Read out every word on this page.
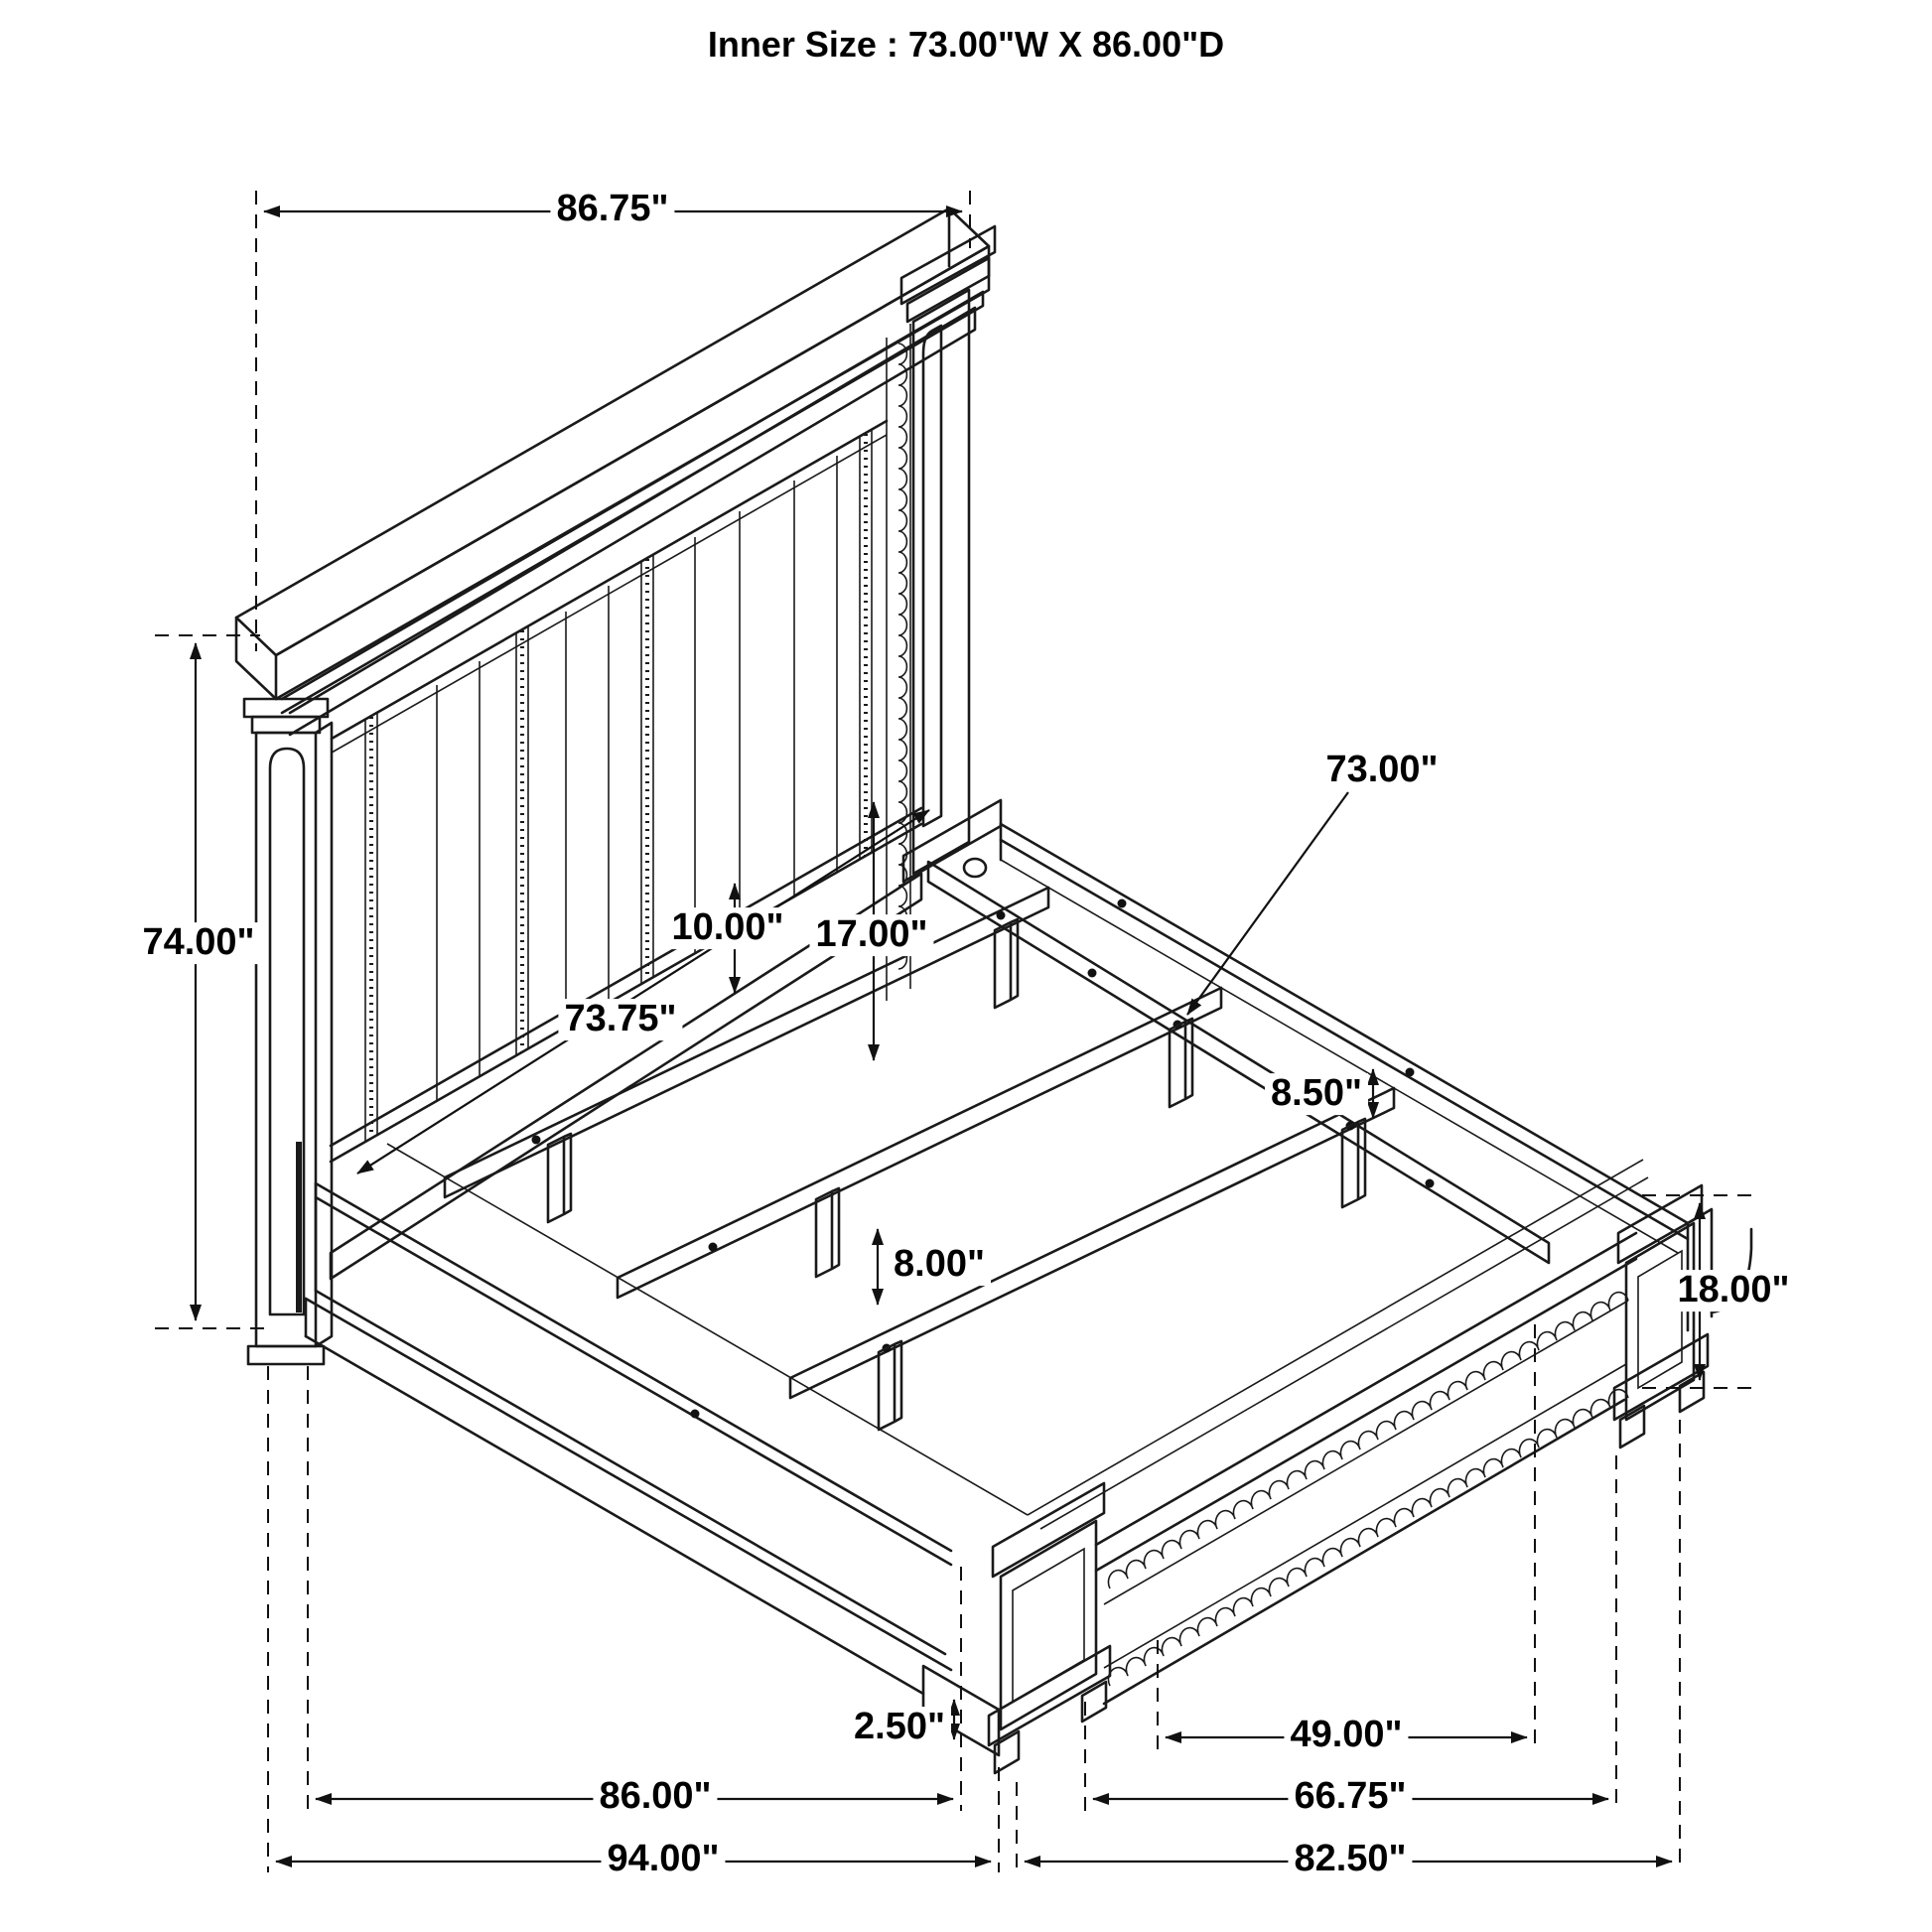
Inner Size : 73.00"W X 86.00"D
86.75"
74.00"	10.00" 17.00"
73.75"
73.00"
8.50"
8.00"
18.00"
2.50"
86.00"
49.00"
66.75"
94.00"	82.50"
